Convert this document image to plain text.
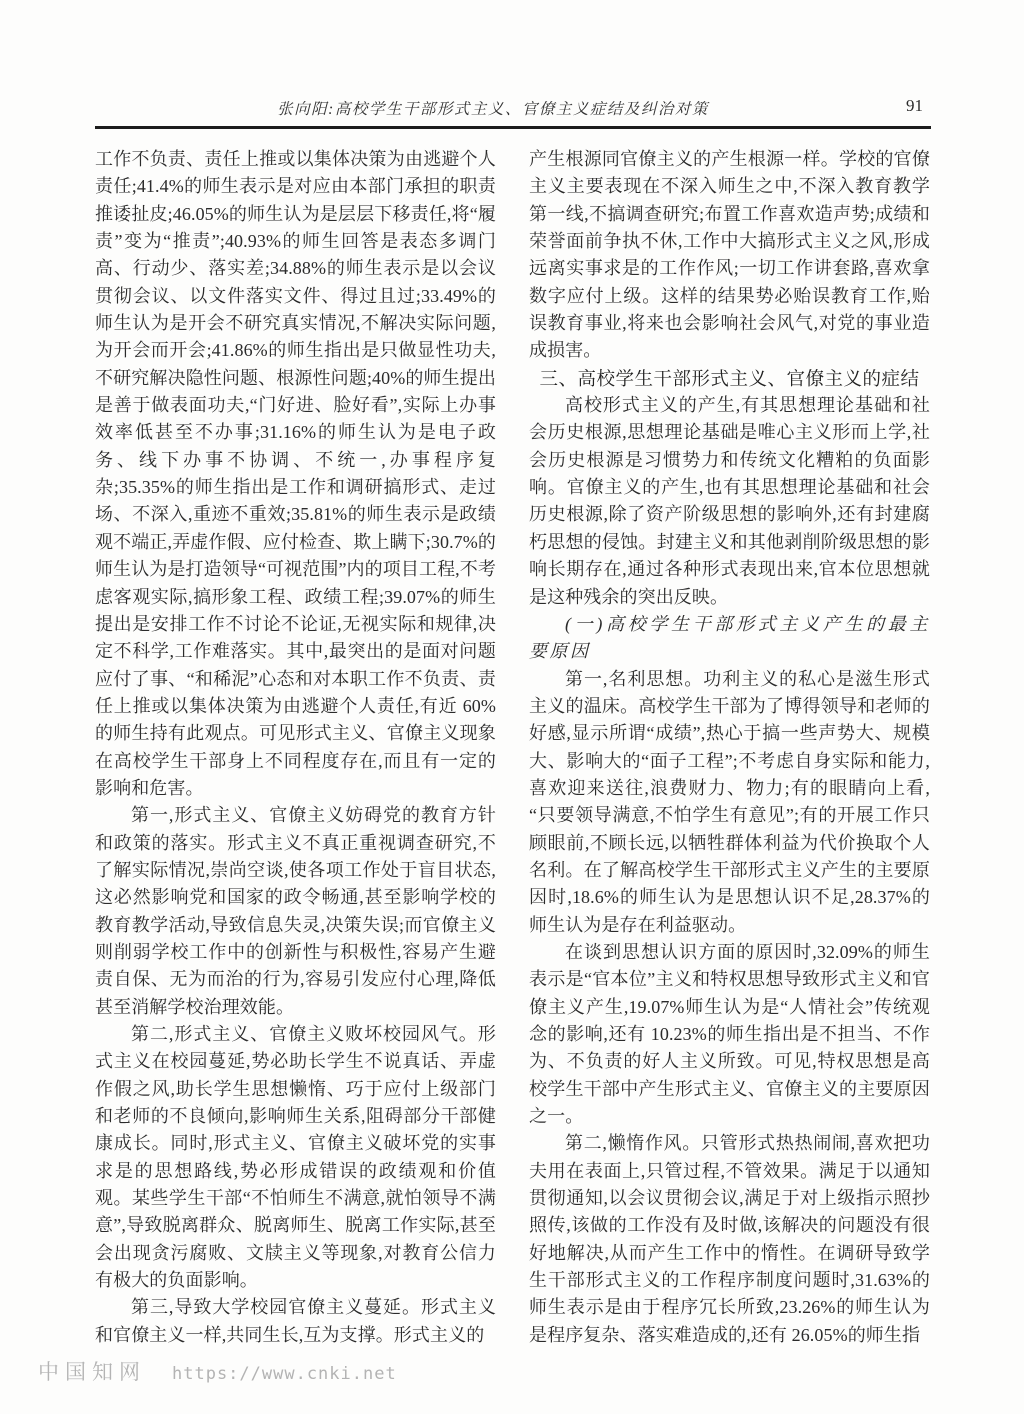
张向阳:高校学生干部形式主义、官僚主义症结及纠治对策	91

工作不负责、责任上推或以集体决策为由逃避个人责任;41.4%的师生表示是对应由本部门承担的职责推诿扯皮;46.05%的师生认为是层层下移责任,将“履责”变为“推责”;40.93%的师生回答是表态多调门高、行动少、落实差;34.88%的师生表示是以会议贯彻会议、以文件落实文件、得过且过;33.49%的师生认为是开会不研究真实情况,不解决实际问题,为开会而开会;41.86%的师生指出是只做显性功夫,不研究解决隐性问题、根源性问题;40%的师生提出是善于做表面功夫,“门好进、脸好看”,实际上办事效率低甚至不办事;31.16%的师生认为是电子政务、线下办事不协调、不统一,办事程序复杂;35.35%的师生指出是工作和调研搞形式、走过场、不深入,重迹不重效;35.81%的师生表示是政绩观不端正,弄虚作假、应付检查、欺上瞒下;30.7%的师生认为是打造领导“可视范围”内的项目工程,不考虑客观实际,搞形象工程、政绩工程;39.07%的师生提出是安排工作不讨论不论证,无视实际和规律,决定不科学,工作难落实。其中,最突出的是面对问题应付了事、“和稀泥”心态和对本职工作不负责、责任上推或以集体决策为由逃避个人责任,有近 60%的师生持有此观点。可见形式主义、官僚主义现象在高校学生干部身上不同程度存在,而且有一定的影响和危害。

第一,形式主义、官僚主义妨碍党的教育方针和政策的落实。形式主义不真正重视调查研究,不了解实际情况,崇尚空谈,使各项工作处于盲目状态,这必然影响党和国家的政令畅通,甚至影响学校的教育教学活动,导致信息失灵,决策失误;而官僚主义则削弱学校工作中的创新性与积极性,容易产生避责自保、无为而治的行为,容易引发应付心理,降低甚至消解学校治理效能。

第二,形式主义、官僚主义败坏校园风气。形式主义在校园蔓延,势必助长学生不说真话、弄虚作假之风,助长学生思想懒惰、巧于应付上级部门和老师的不良倾向,影响师生关系,阻碍部分干部健康成长。同时,形式主义、官僚主义破坏党的实事求是的思想路线,势必形成错误的政绩观和价值观。某些学生干部“不怕师生不满意,就怕领导不满意”,导致脱离群众、脱离师生、脱离工作实际,甚至会出现贪污腐败、文牍主义等现象,对教育公信力有极大的负面影响。

第三,导致大学校园官僚主义蔓延。形式主义和官僚主义一样,共同生长,互为支撑。形式主义的

产生根源同官僚主义的产生根源一样。学校的官僚主义主要表现在不深入师生之中,不深入教育教学第一线,不搞调查研究;布置工作喜欢造声势;成绩和荣誉面前争执不休,工作中大搞形式主义之风,形成远离实事求是的工作作风;一切工作讲套路,喜欢拿数字应付上级。这样的结果势必贻误教育工作,贻误教育事业,将来也会影响社会风气,对党的事业造成损害。

三、高校学生干部形式主义、官僚主义的症结

高校形式主义的产生,有其思想理论基础和社会历史根源,思想理论基础是唯心主义形而上学,社会历史根源是习惯势力和传统文化糟粕的负面影响。官僚主义的产生,也有其思想理论基础和社会历史根源,除了资产阶级思想的影响外,还有封建腐朽思想的侵蚀。封建主义和其他剥削阶级思想的影响长期存在,通过各种形式表现出来,官本位思想就是这种残余的突出反映。

(一)高校学生干部形式主义产生的最主要原因

第一,名利思想。功利主义的私心是滋生形式主义的温床。高校学生干部为了博得领导和老师的好感,显示所谓“成绩”,热心于搞一些声势大、规模大、影响大的“面子工程”;不考虑自身实际和能力,喜欢迎来送往,浪费财力、物力;有的眼睛向上看,“只要领导满意,不怕学生有意见”;有的开展工作只顾眼前,不顾长远,以牺牲群体利益为代价换取个人名利。在了解高校学生干部形式主义产生的主要原因时,18.6%的师生认为是思想认识不足,28.37%的师生认为是存在利益驱动。

在谈到思想认识方面的原因时,32.09%的师生表示是“官本位”主义和特权思想导致形式主义和官僚主义产生,19.07%师生认为是“人情社会”传统观念的影响,还有 10.23%的师生指出是不担当、不作为、不负责的好人主义所致。可见,特权思想是高校学生干部中产生形式主义、官僚主义的主要原因之一。

第二,懒惰作风。只管形式热热闹闹,喜欢把功夫用在表面上,只管过程,不管效果。满足于以通知贯彻通知,以会议贯彻会议,满足于对上级指示照抄照传,该做的工作没有及时做,该解决的问题没有很好地解决,从而产生工作中的惰性。在调研导致学生干部形式主义的工作程序制度问题时,31.63%的师生表示是由于程序冗长所致,23.26%的师生认为是程序复杂、落实难造成的,还有 26.05%的师生指

中国知网 https://www.cnki.net
